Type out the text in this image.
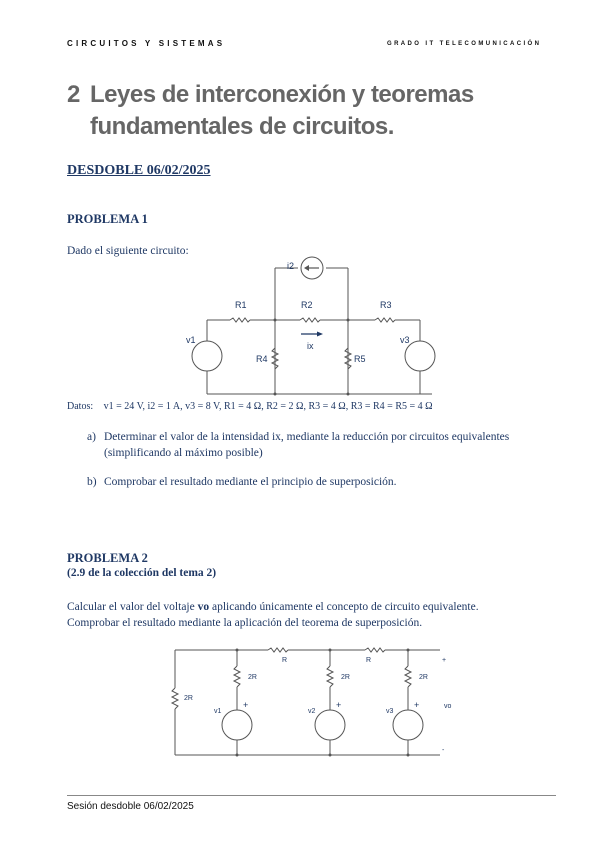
CIRCUITOS Y SISTEMAS	GRADO IT TELECOMUNICACIÓN
2 Leyes de interconexión y teoremas
fundamentales de circuitos.
DESDOBLE 06/02/2025
PROBLEMA 1
Dado el siguiente circuito:
i2
R1	R2	R3
R4	R5
v1	v3
ix
Datos: v1 = 24 V, i2 = 1 A, v3 = 8 V, R1 = 4 Ω, R2 = 2 Ω, R3 = 4 Ω, R3 = R4 = R5 = 4 Ω
a) Determinar el valor de la intensidad ix, mediante la reducción por circuitos equivalentes
(simplificando al máximo posible)
b) Comprobar el resultado mediante el principio de superposición.
PROBLEMA 2
(2.9 de la colección del tema 2)
Calcular el valor del voltaje vo aplicando únicamente el concepto de circuito equivalente.
Comprobar el resultado mediante la aplicación del teorema de superposición.
R	R
2R
2R	2R	2R
v1	v2	v3
+	+	+
+
vo
-
Sesión desdoble 06/02/2025
